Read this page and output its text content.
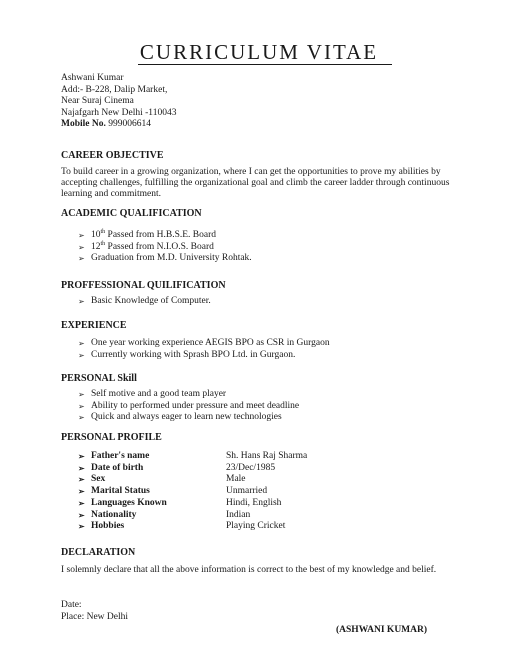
CURRICULUM VITAE
Ashwani Kumar
Add:- B-228, Dalip Market,
Near Suraj Cinema
Najafgarh New Delhi -110043
Mobile No. 999006614
CAREER OBJECTIVE
To build career in a growing organization, where I can get the opportunities to prove my abilities by accepting challenges, fulfilling the organizational goal and climb the career ladder through continuous learning and commitment.
ACADEMIC QUALIFICATION
➢ 10th Passed from H.B.S.E. Board
➢ 12th Passed from N.I.O.S. Board
➢ Graduation from M.D. University Rohtak.
PROFFESSIONAL QUILIFICATION
➢ Basic Knowledge of Computer.
EXPERIENCE
➢ One year working experience AEGIS BPO as CSR in Gurgaon
➢ Currently working with Sprash BPO Ltd. in Gurgaon.
PERSONAL Skill
➢ Self motive and a good team player
➢ Ability to performed under pressure and meet deadline
➢ Quick and always eager to learn new technologies
PERSONAL PROFILE
➢ Father's name	Sh. Hans Raj Sharma

➢ Date of birth	23/Dec/1985

➢ Sex	Male

➢ Marital Status	Unmarried

➢ Languages Known	Hindi, English

➢ Nationality	Indian

➢ Hobbies	Playing Cricket
DECLARATION
I solemnly declare that all the above information is correct to the best of my knowledge and belief.
Date:
Place: New Delhi
(ASHWANI KUMAR)
